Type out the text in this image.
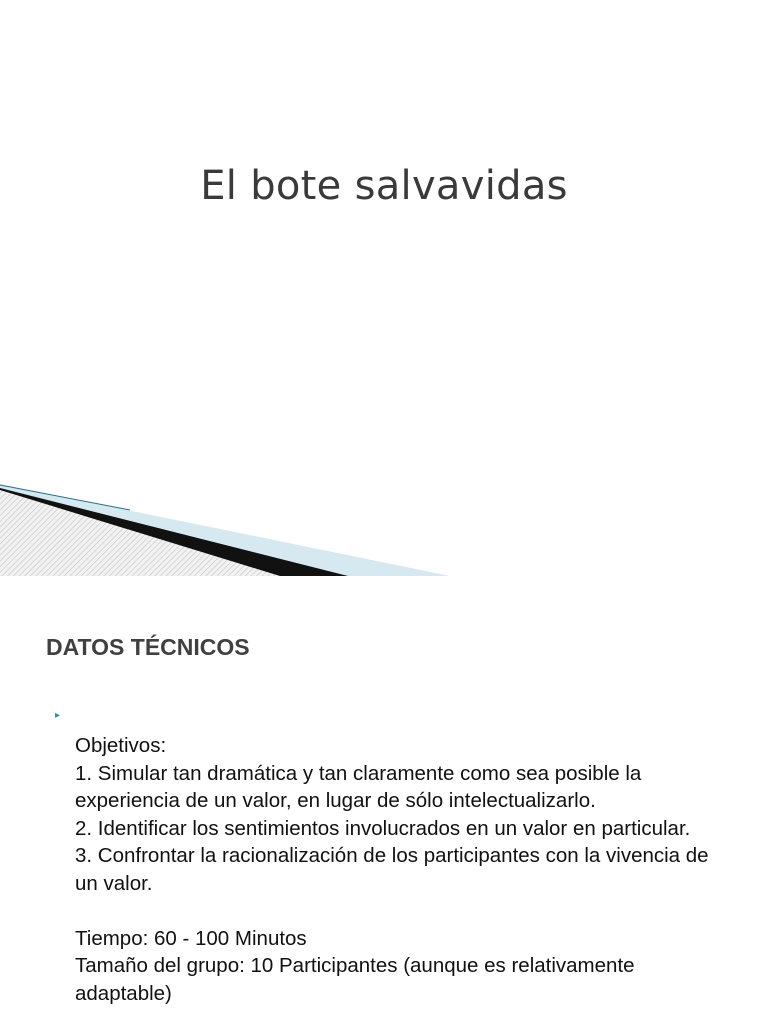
El bote salvavidas
DATOS TÉCNICOS
▸

Objetivos:

1. Simular tan dramática y tan claramente como sea posible la experiencia de un valor, en lugar de sólo intelectualizarlo.

2. Identificar los sentimientos involucrados en un valor en particular.

3. Confrontar la racionalización de los participantes con la vivencia de un valor.

Tiempo: 60 - 100 Minutos

Tamaño del grupo: 10 Participantes (aunque es relativamente adaptable)
